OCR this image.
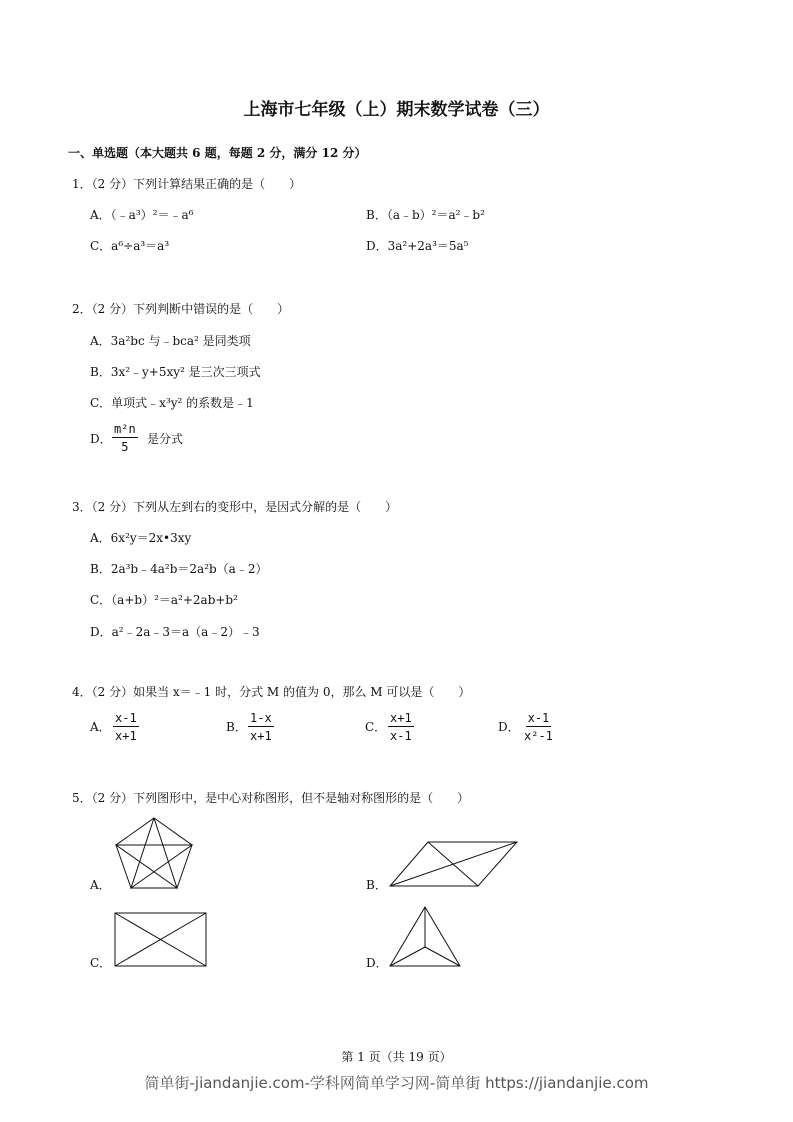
上海市七年级（上）期末数学试卷（三）
一、单选题（本大题共 6 题，每题 2 分，满分 12 分）
1．（2 分）下列计算结果正确的是（　　）
A．（﹣a³）²＝﹣a⁶	B．（a﹣b）²＝a²﹣b²
C．a⁶÷a³＝a³	D．3a²+2a³＝5a⁵
2．（2 分）下列判断中错误的是（　　）
A．3a²bc 与﹣bca² 是同类项
B．3x²﹣y+5xy² 是三次三项式
C．单项式﹣x³y² 的系数是﹣1
D． $\frac{\text{m²n}}{5}$ 是分式
3．（2 分）下列从左到右的变形中，是因式分解的是（　　）
A．6x²y＝2x•3xy
B．2a³b﹣4a²b＝2a²b（a﹣2）
C．（a+b）²＝a²+2ab+b²
D．a²﹣2a﹣3＝a（a﹣2）﹣3
4．（2 分）如果当 x＝﹣1 时，分式 M 的值为 0，那么 M 可以是（　　）
A． $\frac{x-1}{x+1}$	B． $\frac{1-x}{x+1}$	C． $\frac{x+1}{x-1}$	D． $\frac{x-1}{\text{x²-1}}$
5．（2 分）下列图形中，是中心对称图形，但不是轴对称图形的是（　　）
A．	B．
C．	D．
第 1 页（共 19 页）
简单街-jiandanjie.com-学科网简单学习网-简单街 https://jiandanjie.com
